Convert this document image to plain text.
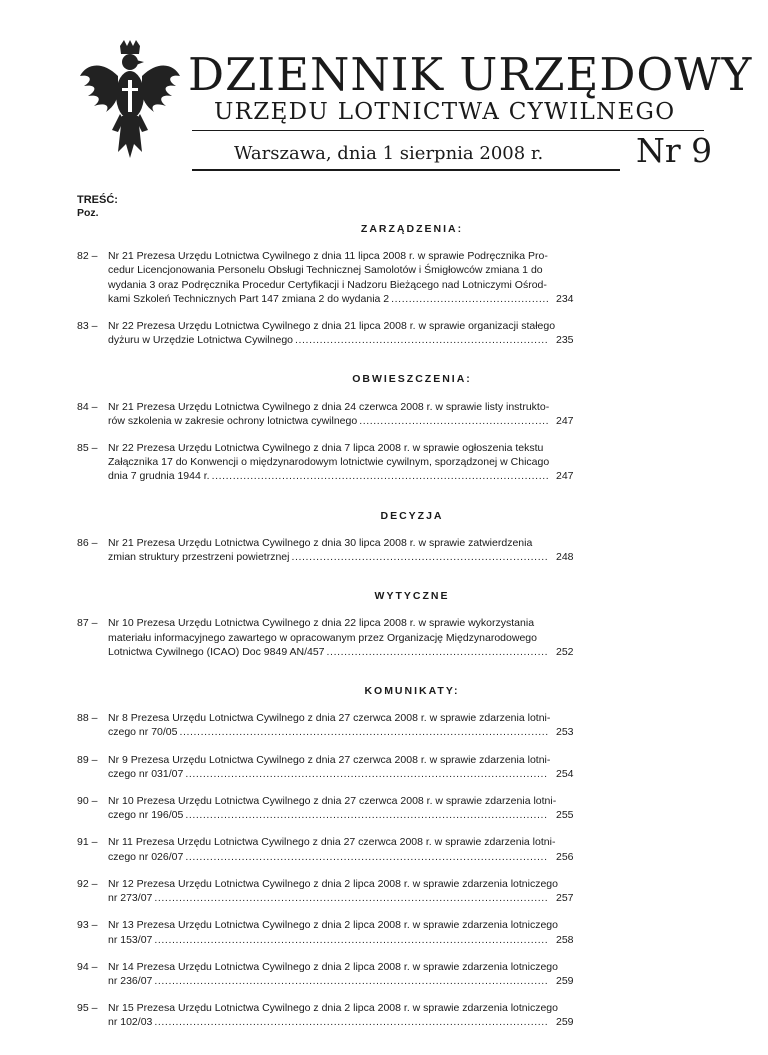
DZIENNIK URZĘDOWY
URZĘDU LOTNICTWA CYWILNEGO
Warszawa, dnia 1 sierpnia 2008 r.	Nr 9
TREŚĆ:
Poz.
ZARZĄDZENIA:
82 –	Nr 21 Prezesa Urzędu Lotnictwa Cywilnego z dnia 11 lipca 2008 r. w sprawie Podręcznika Pro-
cedur Licencjonowania Personelu Obsługi Technicznej Samolotów i Śmigłowców zmiana 1 do
wydania 3 oraz Podręcznika Procedur Certyfikacji i Nadzoru Bieżącego nad Lotniczymi Ośrod-
kami Szkoleń Technicznych Part 147 zmiana 2 do wydania 2 .....	234
83 –	Nr 22 Prezesa Urzędu Lotnictwa Cywilnego z dnia 21 lipca 2008 r. w sprawie organizacji stałego
dyżuru w Urzędzie Lotnictwa Cywilnego .....	235
OBWIESZCZENIA:
84 –	Nr 21 Prezesa Urzędu Lotnictwa Cywilnego z dnia 24 czerwca 2008 r. w sprawie listy instrukto-
rów szkolenia w zakresie ochrony lotnictwa cywilnego .....	247
85 –	Nr 22 Prezesa Urzędu Lotnictwa Cywilnego z dnia 7 lipca 2008 r. w sprawie ogłoszenia tekstu
Załącznika 17 do Konwencji o międzynarodowym lotnictwie cywilnym, sporządzonej w Chicago
dnia 7 grudnia 1944 r. .....	247
DECYZJA
86 –	Nr 21 Prezesa Urzędu Lotnictwa Cywilnego z dnia 30 lipca 2008 r. w sprawie zatwierdzenia
zmian struktury przestrzeni powietrznej .....	248
WYTYCZNE
87 –	Nr 10 Prezesa Urzędu Lotnictwa Cywilnego z dnia 22 lipca 2008 r. w sprawie wykorzystania
materiału informacyjnego zawartego w opracowanym przez Organizację Międzynarodowego
Lotnictwa Cywilnego (ICAO) Doc 9849 AN/457 .....	252
KOMUNIKATY:
88 –	Nr 8 Prezesa Urzędu Lotnictwa Cywilnego z dnia 27 czerwca 2008 r. w sprawie zdarzenia lotni-
czego nr 70/05 .....	253
89 –	Nr 9 Prezesa Urzędu Lotnictwa Cywilnego z dnia 27 czerwca 2008 r. w sprawie zdarzenia lotni-
czego nr 031/07 .....	254
90 –	Nr 10 Prezesa Urzędu Lotnictwa Cywilnego z dnia 27 czerwca 2008 r. w sprawie zdarzenia lotni-
czego nr 196/05 .....	255
91 –	Nr 11 Prezesa Urzędu Lotnictwa Cywilnego z dnia 27 czerwca 2008 r. w sprawie zdarzenia lotni-
czego nr 026/07 .....	256
92 –	Nr 12 Prezesa Urzędu Lotnictwa Cywilnego z dnia 2 lipca 2008 r. w sprawie zdarzenia lotniczego
nr 273/07 .....	257
93 –	Nr 13 Prezesa Urzędu Lotnictwa Cywilnego z dnia 2 lipca 2008 r. w sprawie zdarzenia lotniczego
nr 153/07 .....	258
94 –	Nr 14 Prezesa Urzędu Lotnictwa Cywilnego z dnia 2 lipca 2008 r. w sprawie zdarzenia lotniczego
nr 236/07 .....	259
95 –	Nr 15 Prezesa Urzędu Lotnictwa Cywilnego z dnia 2 lipca 2008 r. w sprawie zdarzenia lotniczego
nr 102/03 .....	259
